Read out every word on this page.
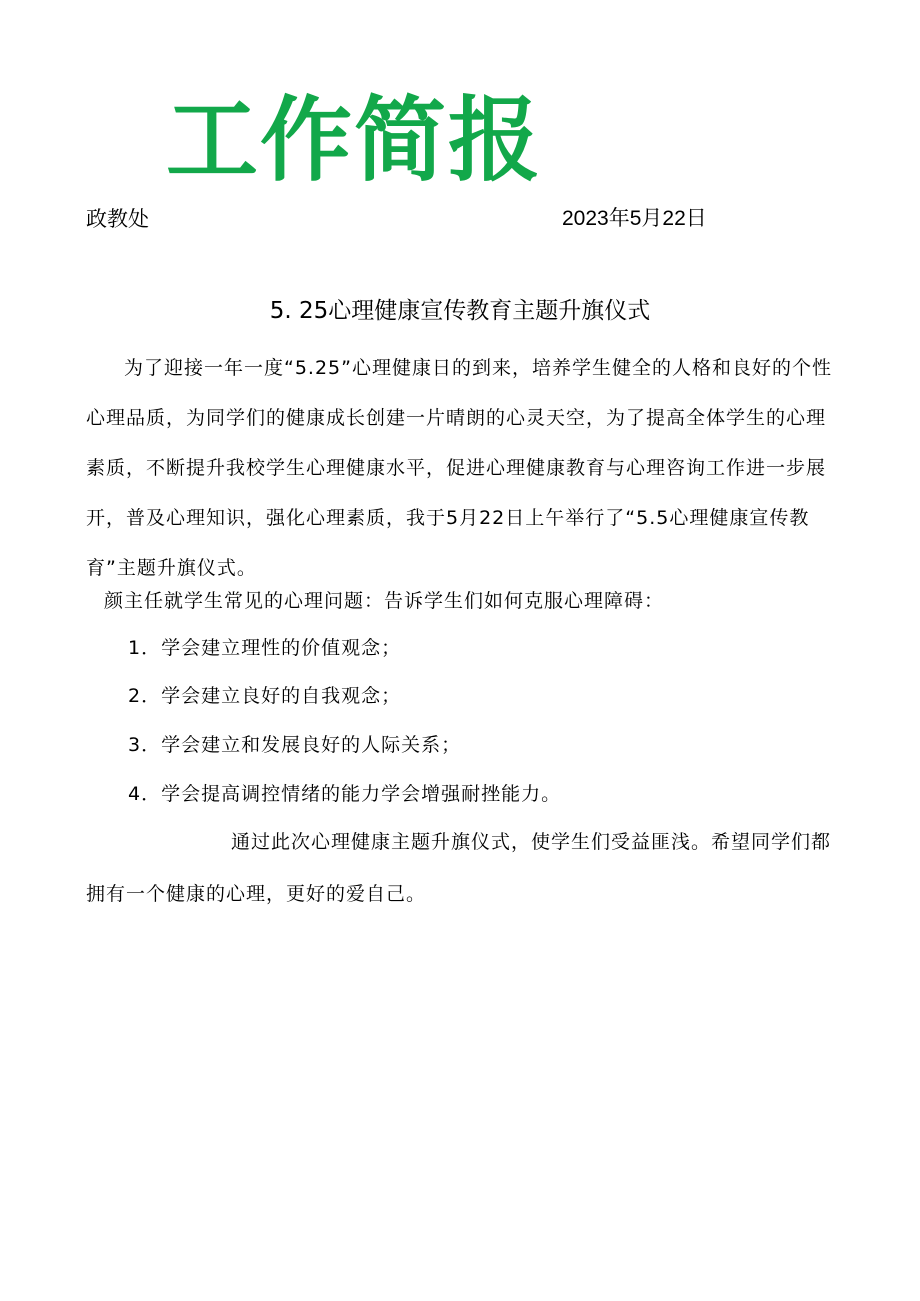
工作简报
政教处	2023年5月22日
5. 25心理健康宣传教育主题升旗仪式
为了迎接一年一度“5.25”心理健康日的到来，培养学生健全的人格和良好的个性心理品质，为同学们的健康成长创建一片晴朗的心灵天空，为了提高全体学生的心理素质，不断提升我校学生心理健康水平，促进心理健康教育与心理咨询工作进一步展开，普及心理知识，强化心理素质，我于5月22日上午举行了“5.5心理健康宣传教育”主题升旗仪式。
颜主任就学生常见的心理问题：告诉学生们如何克服心理障碍：
1．学会建立理性的价值观念；
2．学会建立良好的自我观念；
3．学会建立和发展良好的人际关系；
4．学会提高调控情绪的能力学会增强耐挫能力。
通过此次心理健康主题升旗仪式，使学生们受益匪浅。希望同学们都
拥有一个健康的心理，更好的爱自己。
